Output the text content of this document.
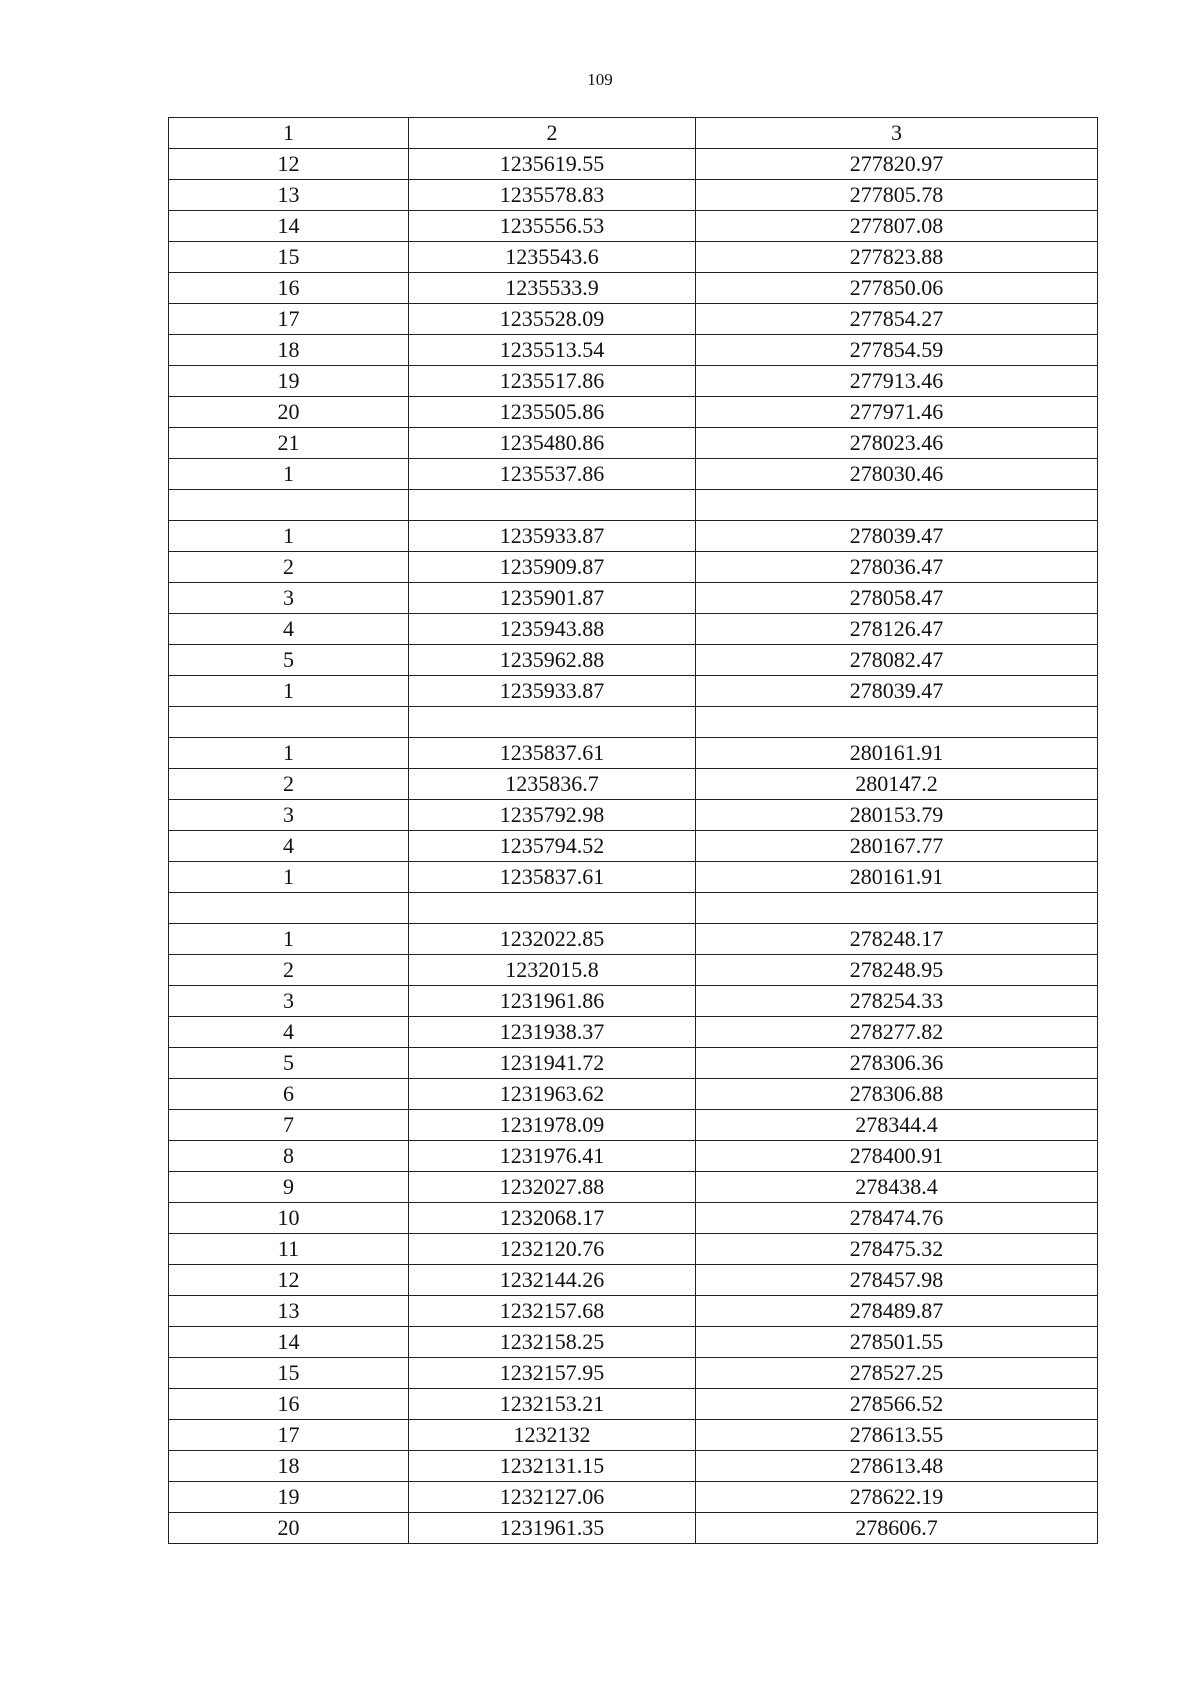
109
1	2	3
12	1235619.55	277820.97
13	1235578.83	277805.78
14	1235556.53	277807.08
15	1235543.6	277823.88
16	1235533.9	277850.06
17	1235528.09	277854.27
18	1235513.54	277854.59
19	1235517.86	277913.46
20	1235505.86	277971.46
21	1235480.86	278023.46
1	1235537.86	278030.46

1	1235933.87	278039.47
2	1235909.87	278036.47
3	1235901.87	278058.47
4	1235943.88	278126.47
5	1235962.88	278082.47
1	1235933.87	278039.47

1	1235837.61	280161.91
2	1235836.7	280147.2
3	1235792.98	280153.79
4	1235794.52	280167.77
1	1235837.61	280161.91

1	1232022.85	278248.17
2	1232015.8	278248.95
3	1231961.86	278254.33
4	1231938.37	278277.82
5	1231941.72	278306.36
6	1231963.62	278306.88
7	1231978.09	278344.4
8	1231976.41	278400.91
9	1232027.88	278438.4
10	1232068.17	278474.76
11	1232120.76	278475.32
12	1232144.26	278457.98
13	1232157.68	278489.87
14	1232158.25	278501.55
15	1232157.95	278527.25
16	1232153.21	278566.52
17	1232132	278613.55
18	1232131.15	278613.48
19	1232127.06	278622.19
20	1231961.35	278606.7
